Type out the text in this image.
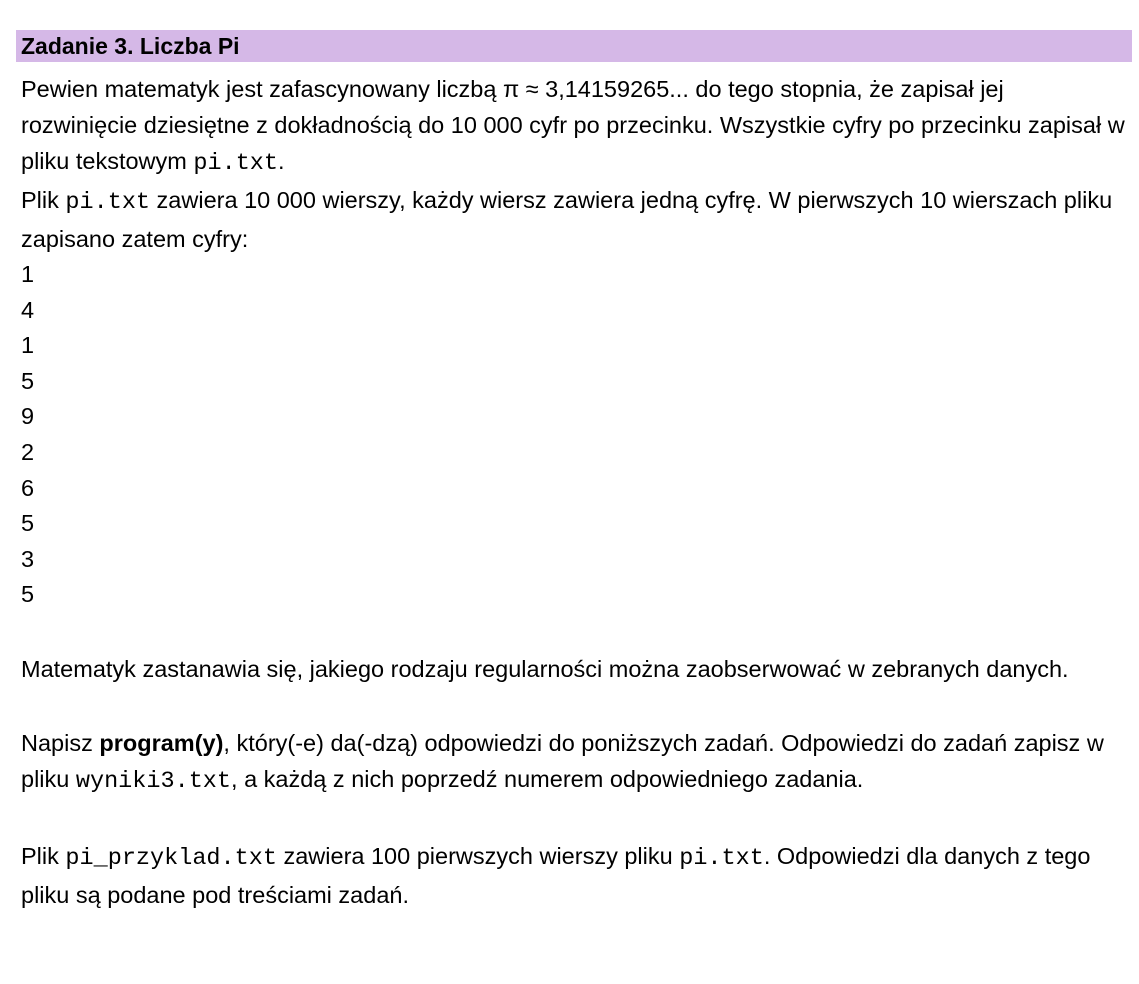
Zadanie 3. Liczba Pi

Pewien matematyk jest zafascynowany liczbą π ≈ 3,14159265... do tego stopnia, że zapisał jej rozwinięcie dziesiętne z dokładnością do 10 000 cyfr po przecinku. Wszystkie cyfry po przecinku zapisał w pliku tekstowym pi.txt.

Plik pi.txt zawiera 10 000 wierszy, każdy wiersz zawiera jedną cyfrę. W pierwszych 10 wierszach pliku zapisano zatem cyfry:

1
4
1
5
9
2
6
5
3
5

Matematyk zastanawia się, jakiego rodzaju regularności można zaobserwować w zebranych danych.

Napisz program(y), który(-e) da(-dzą) odpowiedzi do poniższych zadań. Odpowiedzi do zadań zapisz w pliku wyniki3.txt, a każdą z nich poprzedź numerem odpowiedniego zadania.

Plik pi_przyklad.txt zawiera 100 pierwszych wierszy pliku pi.txt. Odpowiedzi dla danych z tego pliku są podane pod treściami zadań.
